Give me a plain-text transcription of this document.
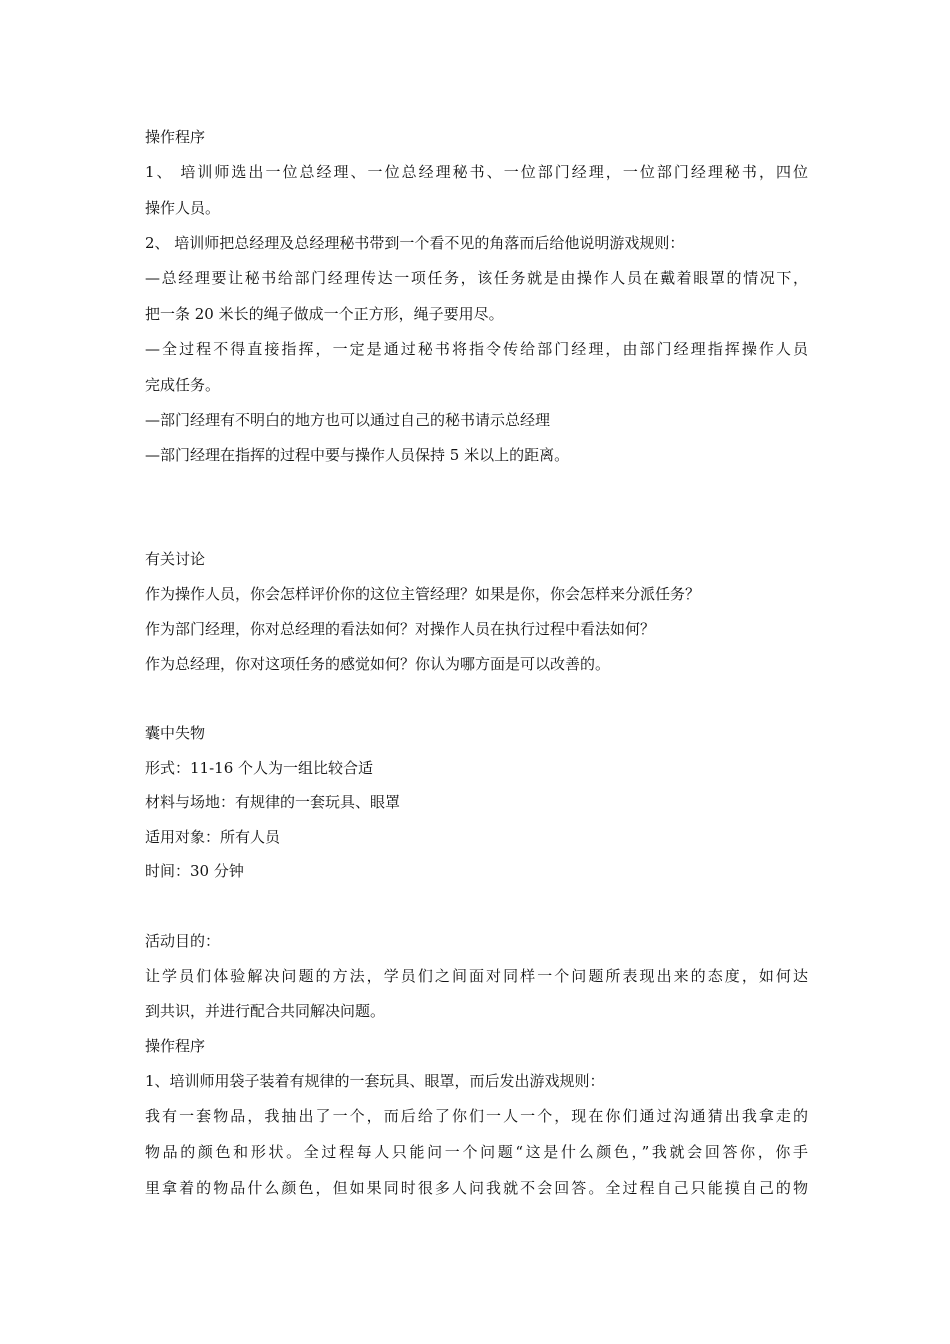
操作程序

1、 培训师选出一位总经理、一位总经理秘书、一位部门经理，一位部门经理秘书，四位

操作人员。

2、 培训师把总经理及总经理秘书带到一个看不见的角落而后给他说明游戏规则：

—总经理要让秘书给部门经理传达一项任务，该任务就是由操作人员在戴着眼罩的情况下，

把一条 20 米长的绳子做成一个正方形，绳子要用尽。

—全过程不得直接指挥，一定是通过秘书将指令传给部门经理，由部门经理指挥操作人员

完成任务。

—部门经理有不明白的地方也可以通过自己的秘书请示总经理

—部门经理在指挥的过程中要与操作人员保持 5 米以上的距离。

有关讨论

作为操作人员，你会怎样评价你的这位主管经理？如果是你，你会怎样来分派任务？

作为部门经理，你对总经理的看法如何？对操作人员在执行过程中看法如何？

作为总经理，你对这项任务的感觉如何？你认为哪方面是可以改善的。

囊中失物

形式：11-16 个人为一组比较合适

材料与场地：有规律的一套玩具、眼罩

适用对象：所有人员

时间：30 分钟

活动目的：

让学员们体验解决问题的方法，学员们之间面对同样一个问题所表现出来的态度，如何达

到共识，并进行配合共同解决问题。

操作程序

1、培训师用袋子装着有规律的一套玩具、眼罩，而后发出游戏规则：

我有一套物品，我抽出了一个，而后给了你们一人一个，现在你们通过沟通猜出我拿走的

物品的颜色和形状。全过程每人只能问一个问题“这是什么颜色，”我就会回答你，你手

里拿着的物品什么颜色，但如果同时很多人问我就不会回答。全过程自己只能摸自己的物
